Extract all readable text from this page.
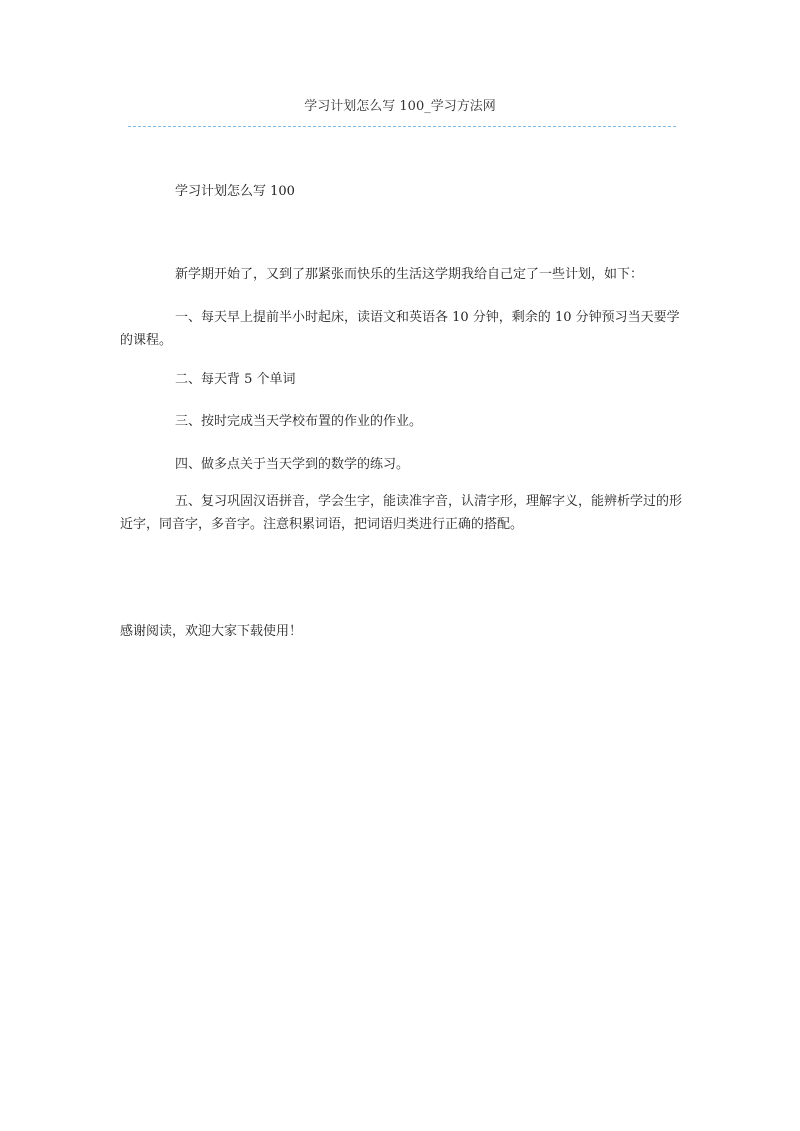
学习计划怎么写 100_学习方法网
学习计划怎么写 100

新学期开始了，又到了那紧张而快乐的生活这学期我给自己定了一些计划，如下：

一、每天早上提前半小时起床，读语文和英语各 10 分钟，剩余的 10 分钟预习当天要学的课程。

二、每天背 5 个单词

三、按时完成当天学校布置的作业的作业。

四、做多点关于当天学到的数学的练习。

五、复习巩固汉语拼音，学会生字，能读准字音，认清字形，理解字义，能辨析学过的形近字，同音字，多音字。注意积累词语，把词语归类进行正确的搭配。

感谢阅读，欢迎大家下载使用！
